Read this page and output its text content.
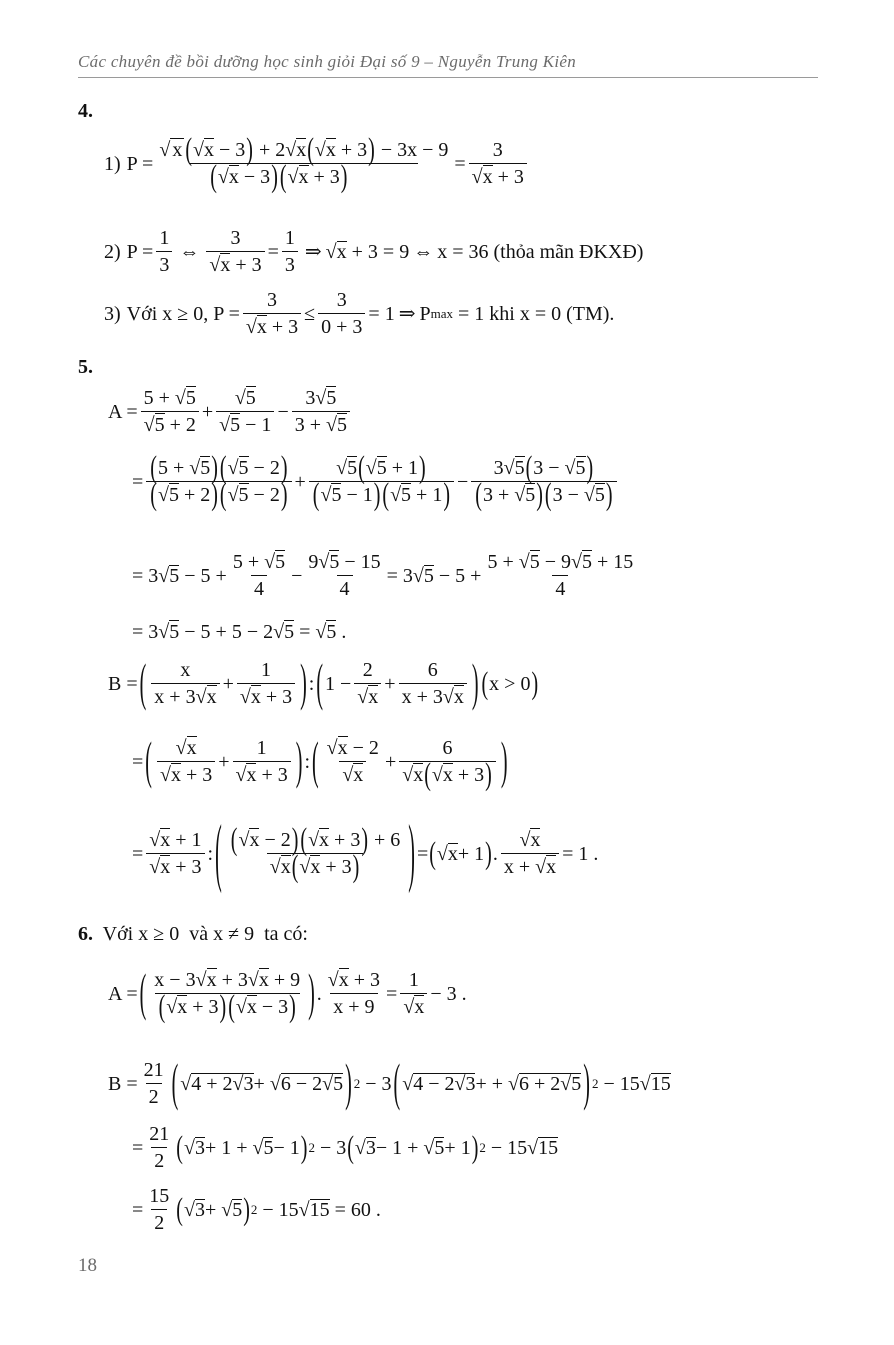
Các chuyên đề bồi dưỡng học sinh giỏi Đại số 9 – Nguyễn Trung Kiên
4.
1) $P = \frac{√ x (√x - 3) + 2√x(√x + 3) - 3x - 9}{(√x - 3) (√x + 3)} = \frac{3}{√x + 3}$
2) $P = \frac{1}{3}$ ⇔ $\frac{3}{√x + 3} = \frac{1}{3}$ ⇒ √ x + 3 = 9 ⇔ x = 36 (thỏa mãn ĐKXĐ)
3) Với x ≥ 0, $P = \frac{3}{√x + 3} \le \frac{3}{0 + 3} = 1$ ⇒ P max = 1 khi x = 0 (TM).
5.
$A = \frac{5 + √5}{√5 + 2} + \frac{√5}{√5 - 1} - \frac{3√5}{3 + √5}$
= $\frac{(5 + √5) (√5 - 2)}{(√5 + 2) (√5 - 2)} + \frac{√5(√5 + 1)}{(√5 - 1) (√5 + 1)} - \frac{3√5(3 - √5)}{(3 + √5) (3 - √5)}$
= 3√ $5 - 5 + \frac{5 + √5}{4} - \frac{9√5 - 15}{4} = 3√$ $5 - 5 + \frac{5 + √5 - 9√5 + 15}{4}$
= 3√5 − 5 + 5 − 2√5 = √5 .
B = ( $\frac{x}{x + 3√x} + \frac{1}{√x + 3}$ ) : ( $1 - \frac{2}{√x} + \frac{6}{x + 3√x}$ ) ( x > 0 )
= ( $\frac{√x}{√x + 3} + \frac{1}{√x + 3}$ ) : ( $\frac{√x - 2}{√x} + \frac{6}{√x(√x + 3)}$ )
= $\frac{√x + 1}{√x + 3}$ : ( $\frac{(√x - 2) (√x + 3) + 6}{√x(√x + 3)}$ ) = ( √ x + 1 ) . $\frac{√x}{x + √x} = 1$ .
6. Với x ≥ 0  và x ≠ 9  ta có:
A = ( $\frac{x - 3√x + 3√x + 9}{(√x + 3) (√x - 3)}$ ) . $\frac{√x + 3}{x + 9} = \frac{1}{√x} - 3$ .
$B = \frac{21}{2}$ ( √ 4 + 2√3 + √ 6 − 2√5 ) 2 − 3 ( √ 4 − 2√3 + + √ 6 + 2√5 ) 2 − 15√ 15
= $\frac{21}{2}$ ( √ 3 + 1 + √ 5 − 1 ) 2 − 3 ( √ 3 − 1 + √ 5 + 1 ) 2 − 15√ 15
= $\frac{15}{2}$ ( √ 3 + √ 5 ) 2 − 15√ 15 = 60 .
18
